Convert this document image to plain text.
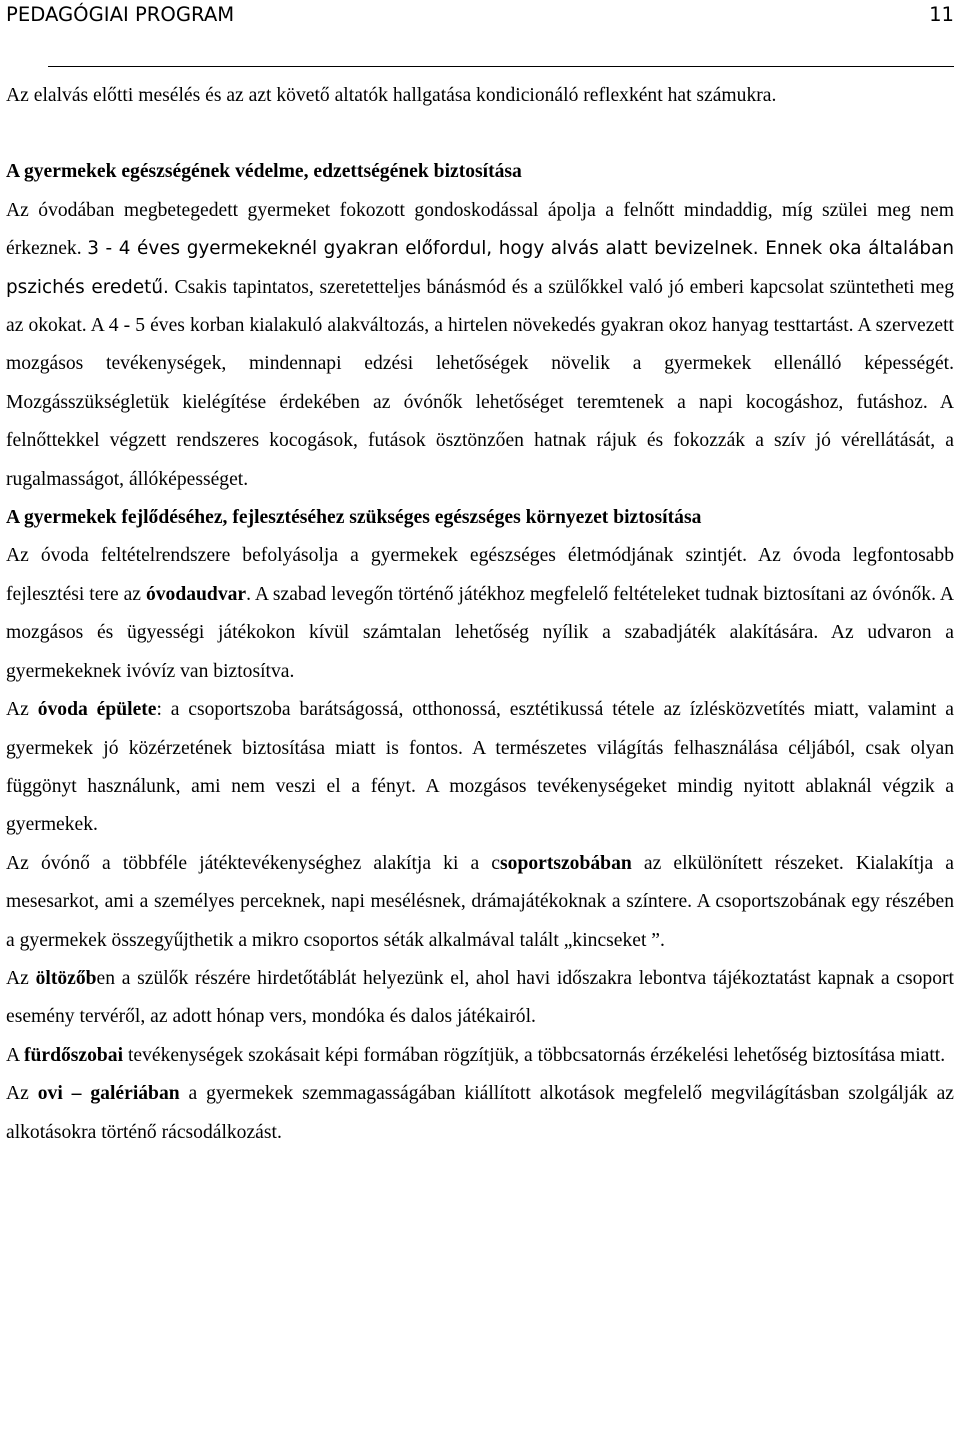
PEDAGÓGIAI PROGRAM	11

Az elalvás előtti mesélés és az azt követő altatók hallgatása kondicionáló reflexként hat számukra.

A gyermekek egészségének védelme, edzettségének biztosítása

Az óvodában megbetegedett gyermeket fokozott gondoskodással ápolja a felnőtt mindaddig, míg szülei meg nem érkeznek. 3 - 4 éves gyermekeknél gyakran előfordul, hogy alvás alatt bevizelnek. Ennek oka általában pszichés eredetű. Csakis tapintatos, szeretetteljes bánásmód és a szülőkkel való jó emberi kapcsolat szüntetheti meg az okokat. A 4 - 5 éves korban kialakuló alakváltozás, a hirtelen növekedés gyakran okoz hanyag testtartást. A szervezett mozgásos tevékenységek, mindennapi edzési lehetőségek növelik a gyermekek ellenálló képességét. Mozgásszükségletük kielégítése érdekében az óvónők lehetőséget teremtenek a napi kocogáshoz, futáshoz. A felnőttekkel végzett rendszeres kocogások, futások ösztönzően hatnak rájuk és fokozzák a szív jó vérellátását, a rugalmasságot, állóképességet.

A gyermekek fejlődéséhez, fejlesztéséhez szükséges egészséges környezet biztosítása

Az óvoda feltételrendszere befolyásolja a gyermekek egészséges életmódjának szintjét. Az óvoda legfontosabb fejlesztési tere az óvodaudvar. A szabad levegőn történő játékhoz megfelelő feltételeket tudnak biztosítani az óvónők. A mozgásos és ügyességi játékokon kívül számtalan lehetőség nyílik a szabadjáték alakítására. Az udvaron a gyermekeknek ivóvíz van biztosítva.

Az óvoda épülete: a csoportszoba barátságossá, otthonossá, esztétikussá tétele az ízlésközvetítés miatt, valamint a gyermekek jó közérzetének biztosítása miatt is fontos. A természetes világítás felhasználása céljából, csak olyan függönyt használunk, ami nem veszi el a fényt. A mozgásos tevékenységeket mindig nyitott ablaknál végzik a gyermekek.

Az óvónő a többféle játéktevékenységhez alakítja ki a csoportszobában az elkülönített részeket. Kialakítja a mesesarkot, ami a személyes perceknek, napi mesélésnek, drámajátékoknak a színtere. A csoportszobának egy részében a gyermekek összegyűjthetik a mikro csoportos séták alkalmával talált „kincseket ”.

Az öltözőben a szülők részére hirdetőtáblát helyezünk el, ahol havi időszakra lebontva tájékoztatást kapnak a csoport esemény tervéről, az adott hónap vers, mondóka és dalos játékairól.

A fürdőszobai tevékenységek szokásait képi formában rögzítjük, a többcsatornás érzékelési lehetőség biztosítása miatt.

Az ovi – galériában a gyermekek szemmagasságában kiállított alkotások megfelelő megvilágításban szolgálják az alkotásokra történő rácsodálkozást.
